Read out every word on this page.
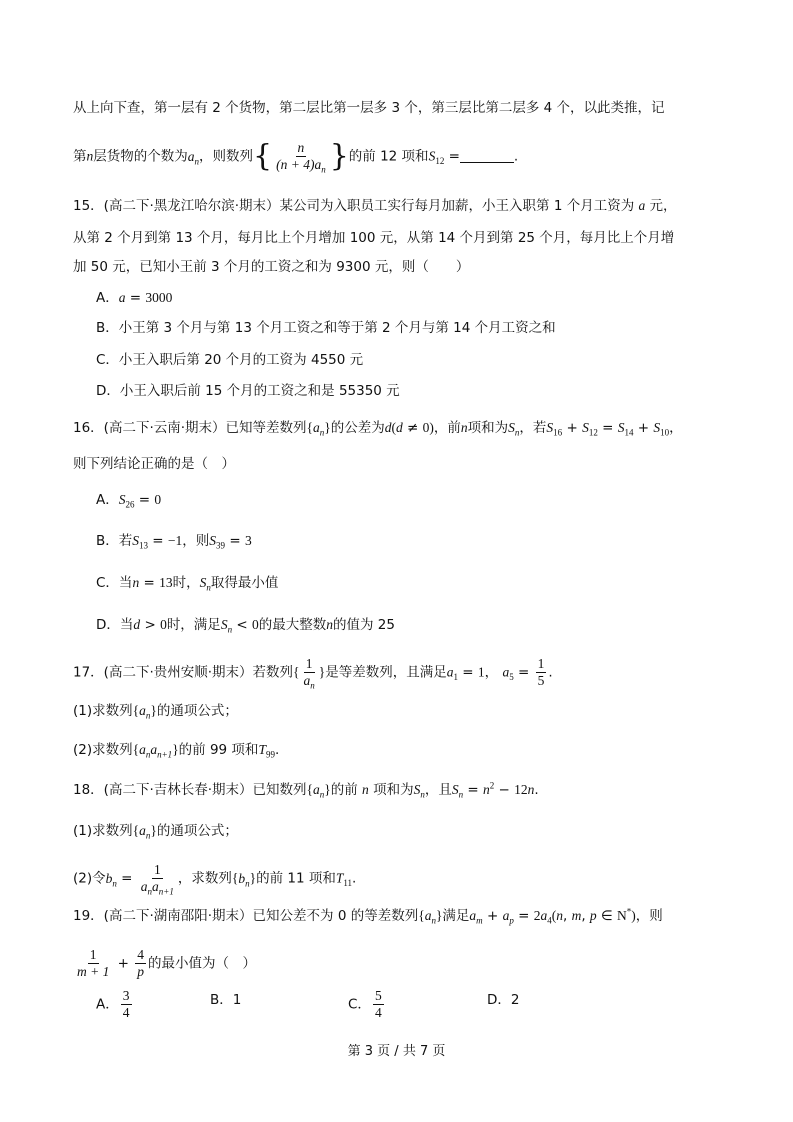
从上向下查，第一层有 2 个货物，第二层比第一层多 3 个，第三层比第二层多 4 个，以此类推，记
第n层货物的个数为$a_n$，则数列{ $\frac{n}{(n + 4)a_n}$ }的前 12 项和$S_{12}$ =	.
15．(高二下·黑龙江哈尔滨·期末）某公司为入职员工实行每月加薪，小王入职第 1 个月工资为 a 元，
从第 2 个月到第 13 个月，每月比上个月增加 100 元，从第 14 个月到第 25 个月，每月比上个月增
加 50 元，已知小王前 3 个月的工资之和为 9300 元，则（　　）
A．a = 3000
B．小王第 3 个月与第 13 个月工资之和等于第 2 个月与第 14 个月工资之和
C．小王入职后第 20 个月的工资为 4550 元
D．小王入职后前 15 个月的工资之和是 55350 元
16．(高二下·云南·期末）已知等差数列$\{a_n\}$的公差为d(d ≠ 0)，前n项和为$S_n$，若$S_{16} + S_{12} = S_{14} + S_{10}$，
则下列结论正确的是（　）
A．$S_{26} = 0$
B．若$S_{13} = -1$，则$S_{39} = 3$
C．当n = 13时，$S_n$取得最小值
D．当d > 0时，满足$S_n < 0$的最大整数n的值为 25
17．(高二下·贵州安顺·期末）若数列{ $\frac{1}{a_n}$ }是等差数列，且满足$a_1 = 1$， $a_5 = \frac{1}{5}$ .
(1)求数列$\{a_n\}$的通项公式；
(2)求数列$\{a_na_{n+1}\}$的前 99 项和$T_{99}$.
18．(高二下·吉林长春·期末）已知数列$\{a_n\}$的前 n 项和为$S_n$，且$S_n = n^2 - 12n$.
(1)求数列$\{a_n\}$的通项公式；
(2)令$b_n = \frac{1}{a_na_{n+1}}$ ，求数列$\{b_n\}$的前 11 项和$T_{11}$.
19．(高二下·湖南邵阳·期末）已知公差不为 0 的等差数列$\{a_n\}$满足$a_m + a_p = 2a_4(n$, m, p ∈ N*)，则
$\frac{1}{m + 1} + \frac{4}{p}$ 的最小值为（　）
A． $\frac{3}{4}$	B．1	C． $\frac{5}{4}$	D．2
第 3 页 / 共 7 页
